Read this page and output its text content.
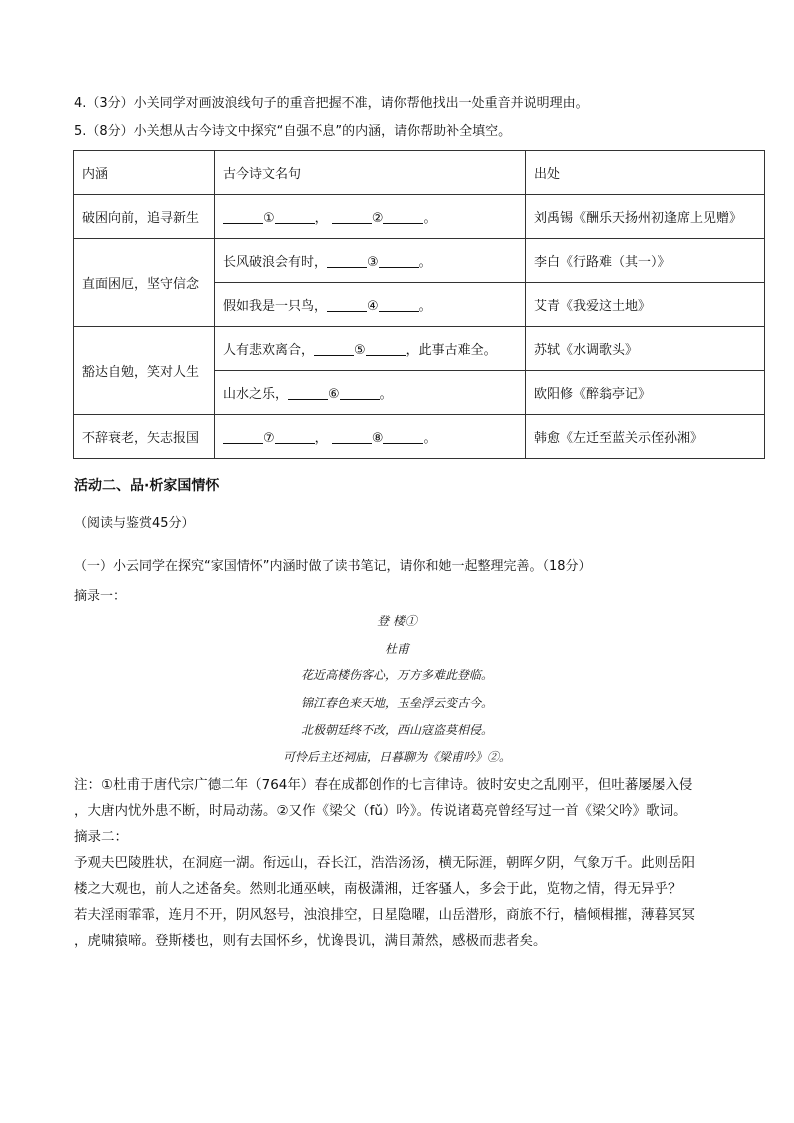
4.（3分）小关同学对画波浪线句子的重音把握不准，请你帮他找出一处重音并说明理由。
5.（8分）小关想从古今诗文中探究“自强不息”的内涵，请你帮助补全填空。
内涵	古今诗文名句	出处
破困向前，追寻新生	① ， ② 。	刘禹锡《酬乐天扬州初逢席上见赠》
直面困厄，坚守信念	长风破浪会有时， ③ 。	李白《行路难（其一）》
	假如我是一只鸟， ④ 。	艾青《我爱这土地》
豁达自勉，笑对人生	人有悲欢离合， ⑤ ，此事古难全。	苏轼《水调歌头》
	山水之乐， ⑥ 。	欧阳修《醉翁亭记》
不辞衰老，矢志报国	⑦ ， ⑧ 。	韩愈《左迁至蓝关示侄孙湘》
活动二、品·析家国情怀
（阅读与鉴赏45分）
（一）小云同学在探究“家国情怀”内涵时做了读书笔记，请你和她一起整理完善。（18分）
摘录一：
登 楼①
杜甫
花近高楼伤客心，万方多难此登临。
锦江春色来天地，玉垒浮云变古今。
北极朝廷终不改，西山寇盗莫相侵。
可怜后主还祠庙，日暮聊为《梁甫吟》②。
注：①杜甫于唐代宗广德二年（764年）春在成都创作的七言律诗。彼时安史之乱刚平，但吐蕃屡屡入侵
，大唐内忧外患不断，时局动荡。②又作《梁父（fǔ）吟》。传说诸葛亮曾经写过一首《梁父吟》歌词。
摘录二：
予观夫巴陵胜状，在洞庭一湖。衔远山，吞长江，浩浩汤汤，横无际涯，朝晖夕阴，气象万千。此则岳阳
楼之大观也，前人之述备矣。然则北通巫峡，南极潇湘，迁客骚人，多会于此，览物之情，得无异乎？
若夫淫雨霏霏，连月不开，阴风怒号，浊浪排空，日星隐曜，山岳潜形，商旅不行，樯倾楫摧，薄暮冥冥
，虎啸猿啼。登斯楼也，则有去国怀乡，忧谗畏讥，满目萧然，感极而悲者矣。
